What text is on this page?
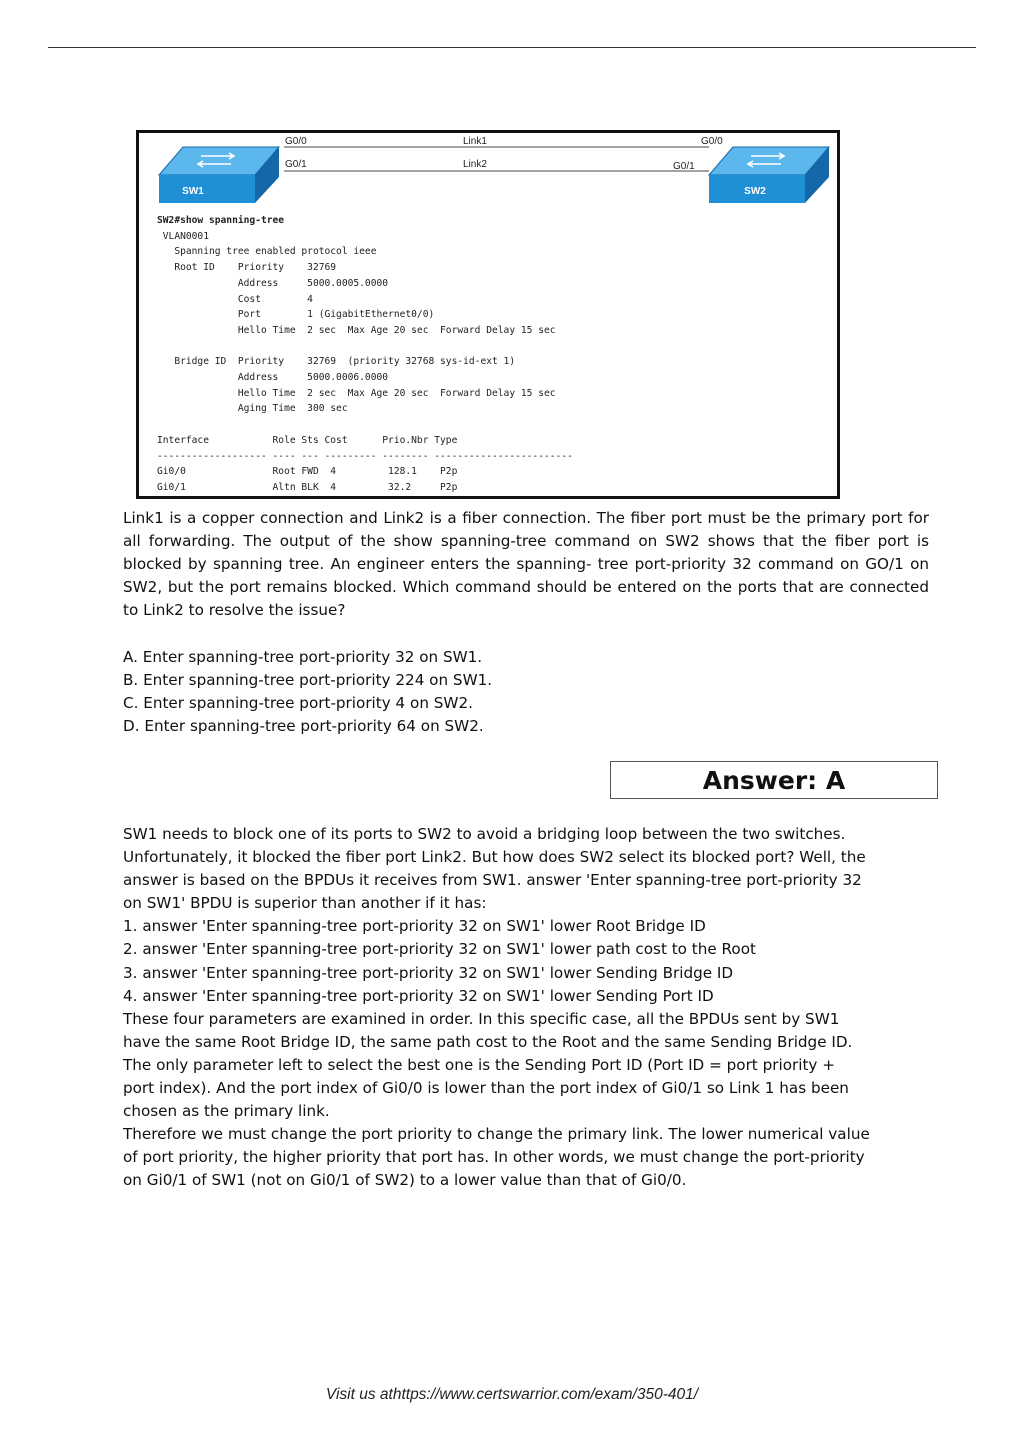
SW1	SW2
G0/0
G0/1
Link1
Link2
G0/0
G0/1
SW2#show spanning-tree
VLAN0001
Spanning tree enabled protocol ieee
Root ID    Priority    32769
Address     5000.0005.0000
Cost        4
Port        1 (GigabitEthernet0/0)
Hello Time  2 sec  Max Age 20 sec  Forward Delay 15 sec

Bridge ID  Priority    32769  (priority 32768 sys-id-ext 1)
Address     5000.0006.0000
Hello Time  2 sec  Max Age 20 sec  Forward Delay 15 sec
Aging Time  300 sec

Interface           Role Sts Cost      Prio.Nbr Type
------------------- ---- --- --------- -------- ------------------------
Gi0/0               Root FWD  4         128.1    P2p
Gi0/1               Altn BLK  4         32.2     P2p

Link1 is a copper connection and Link2 is a fiber connection. The fiber port must be the primary port for all forwarding. The output of the show spanning-tree command on SW2 shows that the fiber port is blocked by spanning tree. An engineer enters the spanning- tree port-priority 32 command on GO/1 on SW2, but the port remains blocked. Which command should be entered on the ports that are connected to Link2 to resolve the issue?

A. Enter spanning-tree port-priority 32 on SW1.
B. Enter spanning-tree port-priority 224 on SW1.
C. Enter spanning-tree port-priority 4 on SW2.
D. Enter spanning-tree port-priority 64 on SW2.
Answer: A
SW1 needs to block one of its ports to SW2 to avoid a bridging loop between the two switches.
Unfortunately, it blocked the fiber port Link2. But how does SW2 select its blocked port? Well, the
answer is based on the BPDUs it receives from SW1. answer 'Enter spanning-tree port-priority 32
on SW1' BPDU is superior than another if it has:
1. answer 'Enter spanning-tree port-priority 32 on SW1' lower Root Bridge ID
2. answer 'Enter spanning-tree port-priority 32 on SW1' lower path cost to the Root
3. answer 'Enter spanning-tree port-priority 32 on SW1' lower Sending Bridge ID
4. answer 'Enter spanning-tree port-priority 32 on SW1' lower Sending Port ID
These four parameters are examined in order. In this specific case, all the BPDUs sent by SW1
have the same Root Bridge ID, the same path cost to the Root and the same Sending Bridge ID.
The only parameter left to select the best one is the Sending Port ID (Port ID = port priority +
port index). And the port index of Gi0/0 is lower than the port index of Gi0/1 so Link 1 has been
chosen as the primary link.
Therefore we must change the port priority to change the primary link. The lower numerical value
of port priority, the higher priority that port has. In other words, we must change the port-priority
on Gi0/1 of SW1 (not on Gi0/1 of SW2) to a lower value than that of Gi0/0.
Visit us athttps://www.certswarrior.com/exam/350-401/
